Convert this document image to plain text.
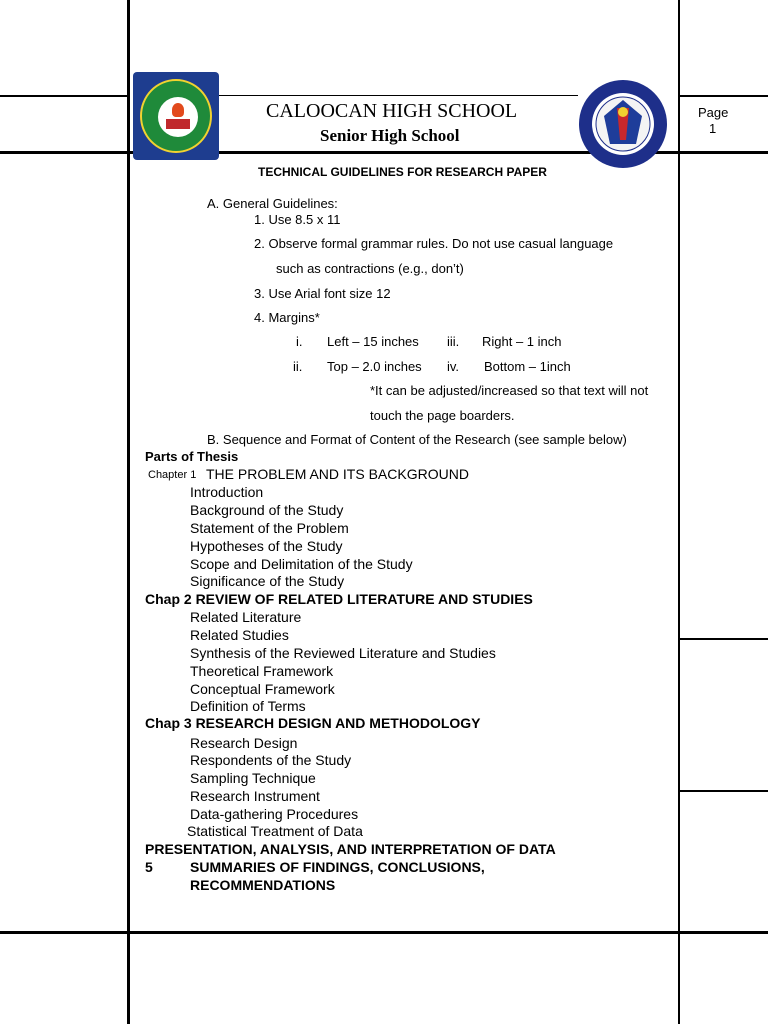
CALOOCAN HIGH SCHOOL
Senior High School
Page
1
TECHNICAL GUIDELINES FOR RESEARCH PAPER
A. General Guidelines:
1. Use 8.5 x 11
2. Observe formal grammar rules. Do not use casual language
such as contractions (e.g., don’t)
3. Use Arial font size 12
4. Margins*
i. Left – 15 inches iii. Right – 1 inch
ii. Top – 2.0 inches iv. Bottom – 1inch
*It can be adjusted/increased so that text will not
touch the page boarders.
B. Sequence and Format of Content of the Research (see sample below)
Parts of Thesis
Chapter 1 THE PROBLEM AND ITS BACKGROUND
Introduction
Background of the Study
Statement of the Problem
Hypotheses of the Study
Scope and Delimitation of the Study
Significance of the Study
Chap 2 REVIEW OF RELATED LITERATURE AND STUDIES
Related Literature
Related Studies
Synthesis of the Reviewed Literature and Studies
Theoretical Framework
Conceptual Framework
Definition of Terms
Chap 3 RESEARCH DESIGN AND METHODOLOGY
Research Design
Respondents of the Study
Sampling Technique
Research Instrument
Data-gathering Procedures
Statistical Treatment of Data
PRESENTATION, ANALYSIS, AND INTERPRETATION OF DATA
5	SUMMARIES OF FINDINGS, CONCLUSIONS,
RECOMMENDATIONS
